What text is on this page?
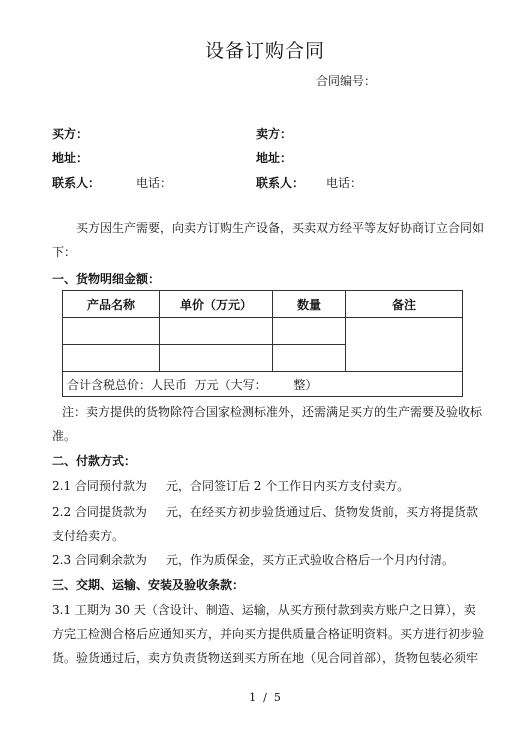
设备订购合同
合同编号：
买方：	卖方：
地址：	地址：
联系人：	电话：	联系人： 电话：
买方因生产需要，向卖方订购生产设备，买卖双方经平等友好协商订立合同如
下：
一、货物明细金额：
产品名称	单价（万元）	数量	备注

合计含税总价：人民币  万元（大写：       整）			
注：卖方提供的货物除符合国家检测标准外，还需满足买方的生产需要及验收标
准。
二、付款方式：
2.1 合同预付款为     元，合同签订后 2 个工作日内买方支付卖方。
2.2 合同提货款为     元，在经买方初步验货通过后、货物发货前，买方将提货款
支付给卖方。
2.3 合同剩余款为     元，作为质保金，买方正式验收合格后一个月内付清。
三、交期、运输、安装及验收条款：
3.1 工期为 30 天（含设计、制造、运输，从买方预付款到卖方账户之日算），卖
方完工检测合格后应通知买方，并向买方提供质量合格证明资料。买方进行初步验
货。验货通过后，卖方负责货物送到买方所在地（见合同首部），货物包装必须牢
1  /  5
